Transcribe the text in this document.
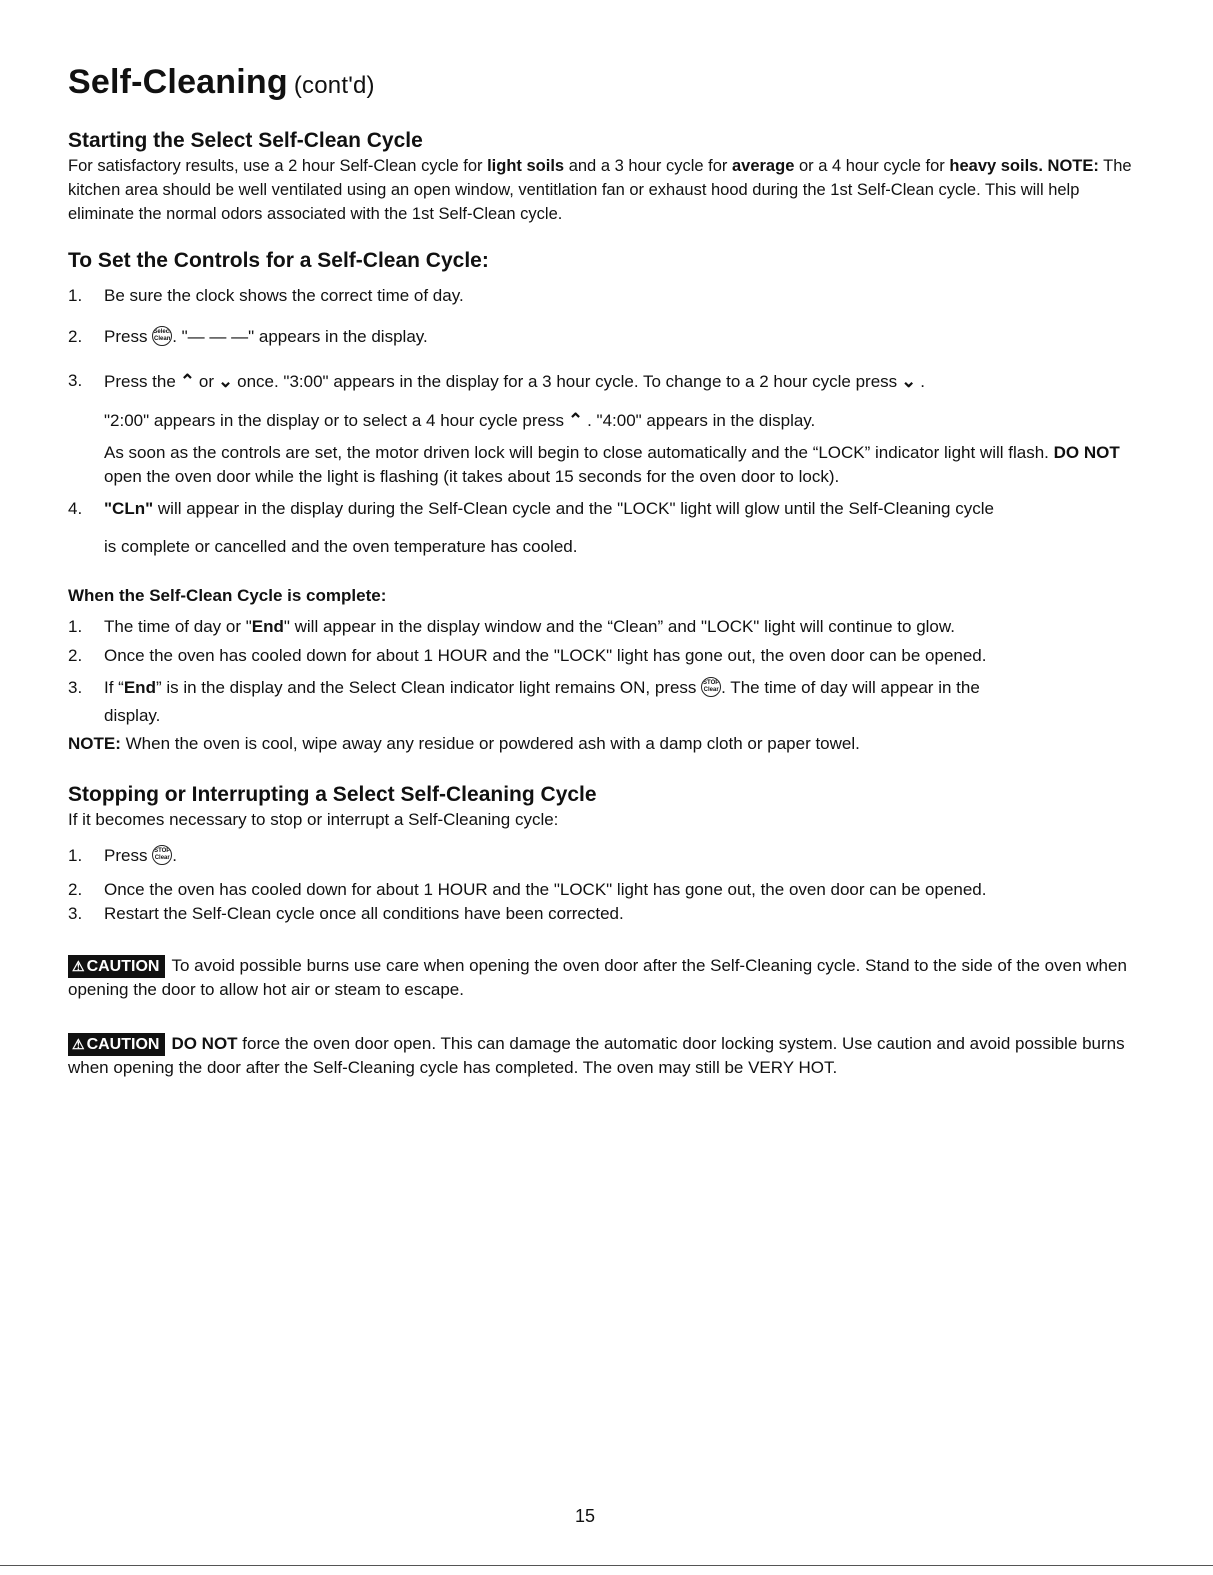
Self-Cleaning (cont'd)
Starting the Select Self-Clean Cycle

For satisfactory results, use a 2 hour Self-Clean cycle for light soils and a 3 hour cycle for average or a 4 hour cycle for heavy soils. NOTE: The kitchen area should be well ventilated using an open window, ventitlation fan or exhaust hood during the 1st Self-Clean cycle. This will help eliminate the normal odors associated with the 1st Self-Clean cycle.

To Set the Controls for a Self-Clean Cycle:
1. Be sure the clock shows the correct time of day.
2. Press Select
Clean . "— — —" appears in the display.
3. Press the ⌃ or ⌄ once. "3:00" appears in the display for a 3 hour cycle. To change to a 2 hour cycle press ⌄ .
"2:00" appears in the display or to select a 4 hour cycle press ⌃ . "4:00" appears in the display.
As soon as the controls are set, the motor driven lock will begin to close automatically and the “LOCK” indicator light will flash. DO NOT open the oven door while the light is flashing (it takes about 15 seconds for the oven door to lock).
4. "CLn" will appear in the display during the Self-Clean cycle and the "LOCK" light will glow until the Self-Cleaning cycle
is complete or cancelled and the oven temperature has cooled.
When the Self-Clean Cycle is complete:
1. The time of day or "End" will appear in the display window and the “Clean” and "LOCK" light will continue to glow.
2. Once the oven has cooled down for about 1 HOUR and the "LOCK" light has gone out, the oven door can be opened.
3. If “End” is in the display and the Select Clean indicator light remains ON, press STOP
Clear . The time of day will appear in the
display.

NOTE: When the oven is cool, wipe away any residue or powdered ash with a damp cloth or paper towel.

Stopping or Interrupting a Select Self-Cleaning Cycle

If it becomes necessary to stop or interrupt a Self-Cleaning cycle:

1. Press STOP
Clear .
2. Once the oven has cooled down for about 1 HOUR and the "LOCK" light has gone out, the oven door can be opened.
3. Restart the Self-Clean cycle once all conditions have been corrected.

⚠ CAUTION To avoid possible burns use care when opening the oven door after the Self-Cleaning cycle. Stand to the side of the oven when opening the door to allow hot air or steam to escape.

⚠ CAUTION DO NOT force the oven door open. This can damage the automatic door locking system. Use caution and avoid possible burns when opening the door after the Self-Cleaning cycle has completed. The oven may still be VERY HOT.

15
